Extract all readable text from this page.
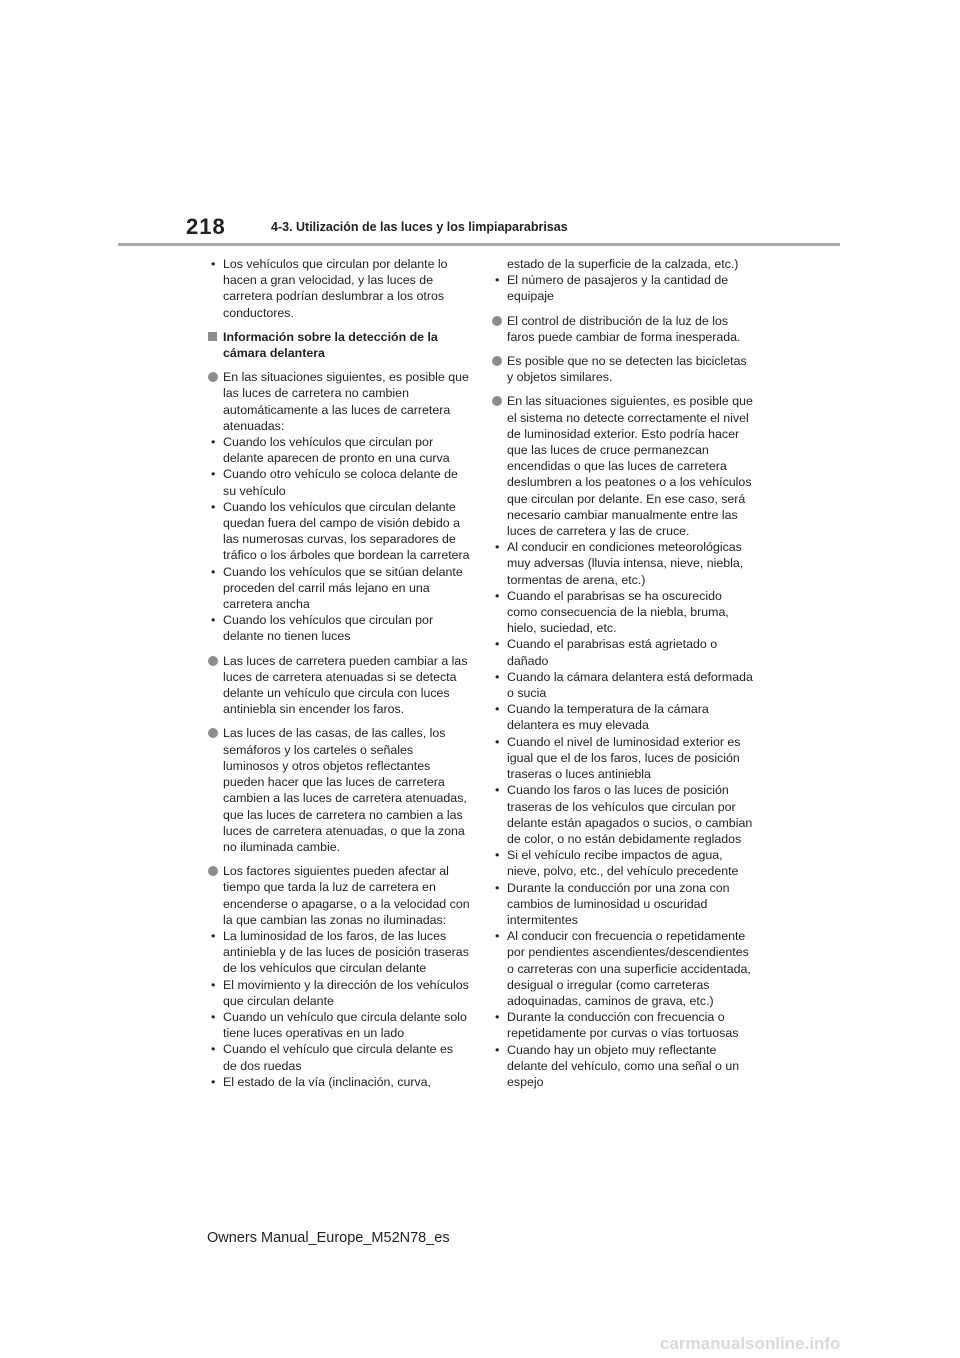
218	4-3. Utilización de las luces y los limpiaparabrisas
• Los vehículos que circulan por delante lo hacen a gran velocidad, y las luces de carretera podrían deslumbrar a los otros conductores.
Información sobre la detección de la cámara delantera
En las situaciones siguientes, es posible que las luces de carretera no cambien automáticamente a las luces de carretera atenuadas:
• Cuando los vehículos que circulan por delante aparecen de pronto en una curva
• Cuando otro vehículo se coloca delante de su vehículo
• Cuando los vehículos que circulan delante quedan fuera del campo de visión debido a las numerosas curvas, los separadores de tráfico o los árboles que bordean la carretera
• Cuando los vehículos que se sitúan delante proceden del carril más lejano en una carretera ancha
• Cuando los vehículos que circulan por delante no tienen luces
Las luces de carretera pueden cambiar a las luces de carretera atenuadas si se detecta delante un vehículo que circula con luces antiniebla sin encender los faros.
Las luces de las casas, de las calles, los semáforos y los carteles o señales luminosos y otros objetos reflectantes pueden hacer que las luces de carretera cambien a las luces de carretera atenuadas, que las luces de carretera no cambien a las luces de carretera atenuadas, o que la zona no iluminada cambie.
Los factores siguientes pueden afectar al tiempo que tarda la luz de carretera en encenderse o apagarse, o a la velocidad con la que cambian las zonas no iluminadas:
• La luminosidad de los faros, de las luces antiniebla y de las luces de posición traseras de los vehículos que circulan delante
• El movimiento y la dirección de los vehículos que circulan delante
• Cuando un vehículo que circula delante solo tiene luces operativas en un lado
• Cuando el vehículo que circula delante es de dos ruedas
• El estado de la vía (inclinación, curva,
estado de la superficie de la calzada, etc.)
• El número de pasajeros y la cantidad de equipaje
El control de distribución de la luz de los faros puede cambiar de forma inesperada.
Es posible que no se detecten las bicicletas y objetos similares.
En las situaciones siguientes, es posible que el sistema no detecte correctamente el nivel de luminosidad exterior. Esto podría hacer que las luces de cruce permanezcan encendidas o que las luces de carretera deslumbren a los peatones o a los vehículos que circulan por delante. En ese caso, será necesario cambiar manualmente entre las luces de carretera y las de cruce.
• Al conducir en condiciones meteorológicas muy adversas (lluvia intensa, nieve, niebla, tormentas de arena, etc.)
• Cuando el parabrisas se ha oscurecido como consecuencia de la niebla, bruma, hielo, suciedad, etc.
• Cuando el parabrisas está agrietado o dañado
• Cuando la cámara delantera está deformada o sucia
• Cuando la temperatura de la cámara delantera es muy elevada
• Cuando el nivel de luminosidad exterior es igual que el de los faros, luces de posición traseras o luces antiniebla
• Cuando los faros o las luces de posición traseras de los vehículos que circulan por delante están apagados o sucios, o cambian de color, o no están debidamente reglados
• Si el vehículo recibe impactos de agua, nieve, polvo, etc., del vehículo precedente
• Durante la conducción por una zona con cambios de luminosidad u oscuridad intermitentes
• Al conducir con frecuencia o repetidamente por pendientes ascendientes/descendientes o carreteras con una superficie accidentada, desigual o irregular (como carreteras adoquinadas, caminos de grava, etc.)
• Durante la conducción con frecuencia o repetidamente por curvas o vías tortuosas
• Cuando hay un objeto muy reflectante delante del vehículo, como una señal o un espejo
Owners Manual_Europe_M52N78_es
carmanualsonline.info
